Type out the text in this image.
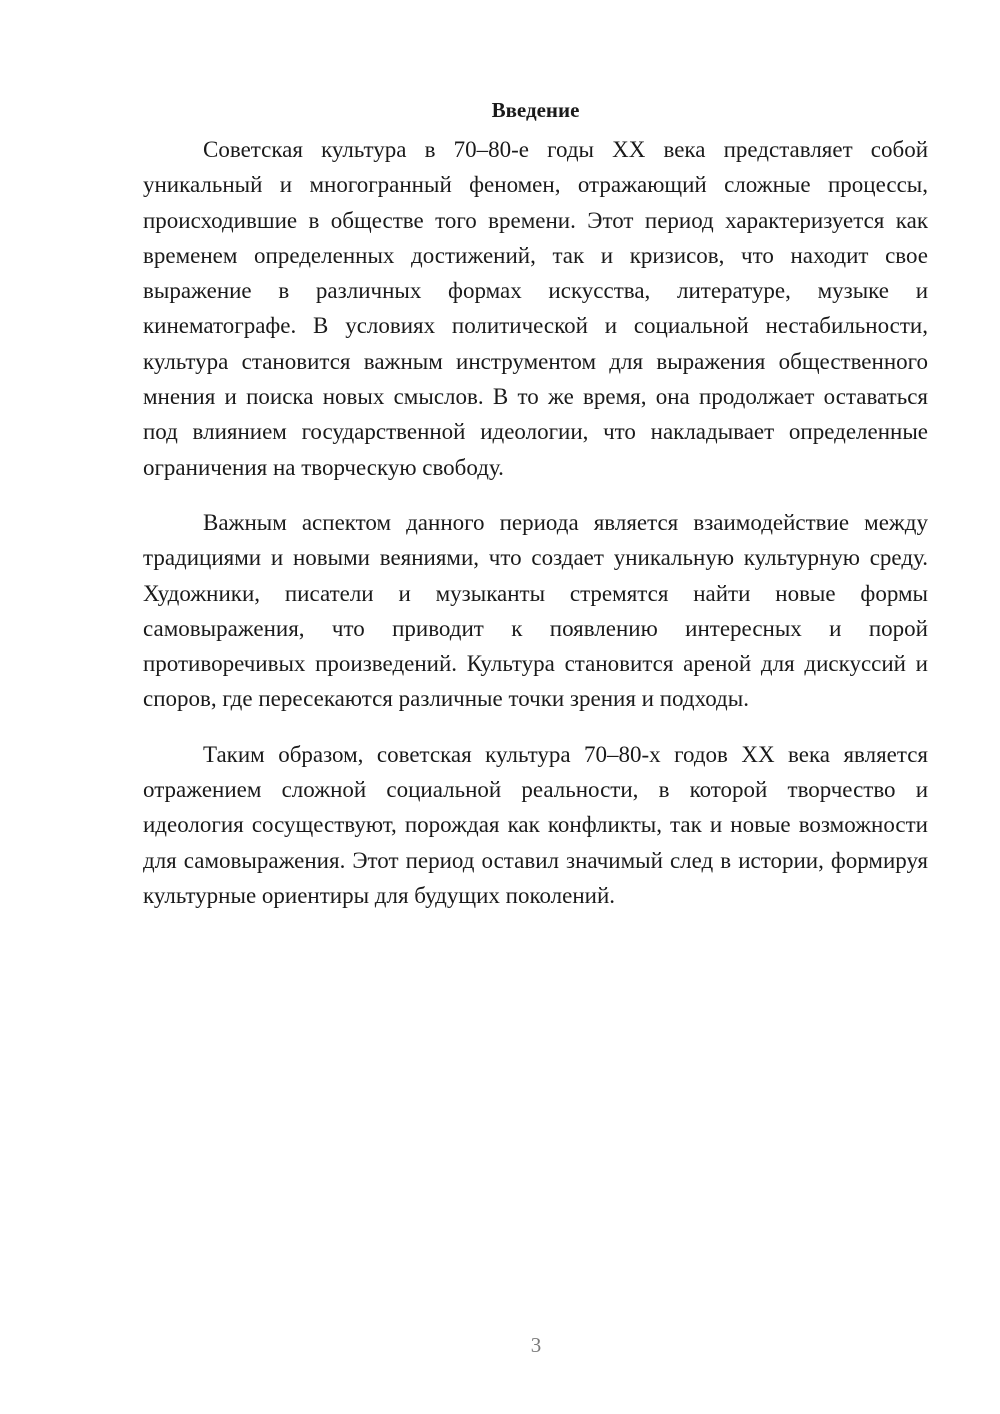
Введение

Советская культура в 70–80-е годы XX века представляет собой уникальный и многогранный феномен, отражающий сложные процессы, происходившие в обществе того времени. Этот период характеризуется как временем определенных достижений, так и кризисов, что находит свое выражение в различных формах искусства, литературе, музыке и кинематографе. В условиях политической и социальной нестабильности, культура становится важным инструментом для выражения общественного мнения и поиска новых смыслов. В то же время, она продолжает оставаться под влиянием государственной идеологии, что накладывает определенные ограничения на творческую свободу.

Важным аспектом данного периода является взаимодействие между традициями и новыми веяниями, что создает уникальную культурную среду. Художники, писатели и музыканты стремятся найти новые формы самовыражения, что приводит к появлению интересных и порой противоречивых произведений. Культура становится ареной для дискуссий и споров, где пересекаются различные точки зрения и подходы.

Таким образом, советская культура 70–80-х годов XX века является отражением сложной социальной реальности, в которой творчество и идеология сосуществуют, порождая как конфликты, так и новые возможности для самовыражения. Этот период оставил значимый след в истории, формируя культурные ориентиры для будущих поколений.

3
